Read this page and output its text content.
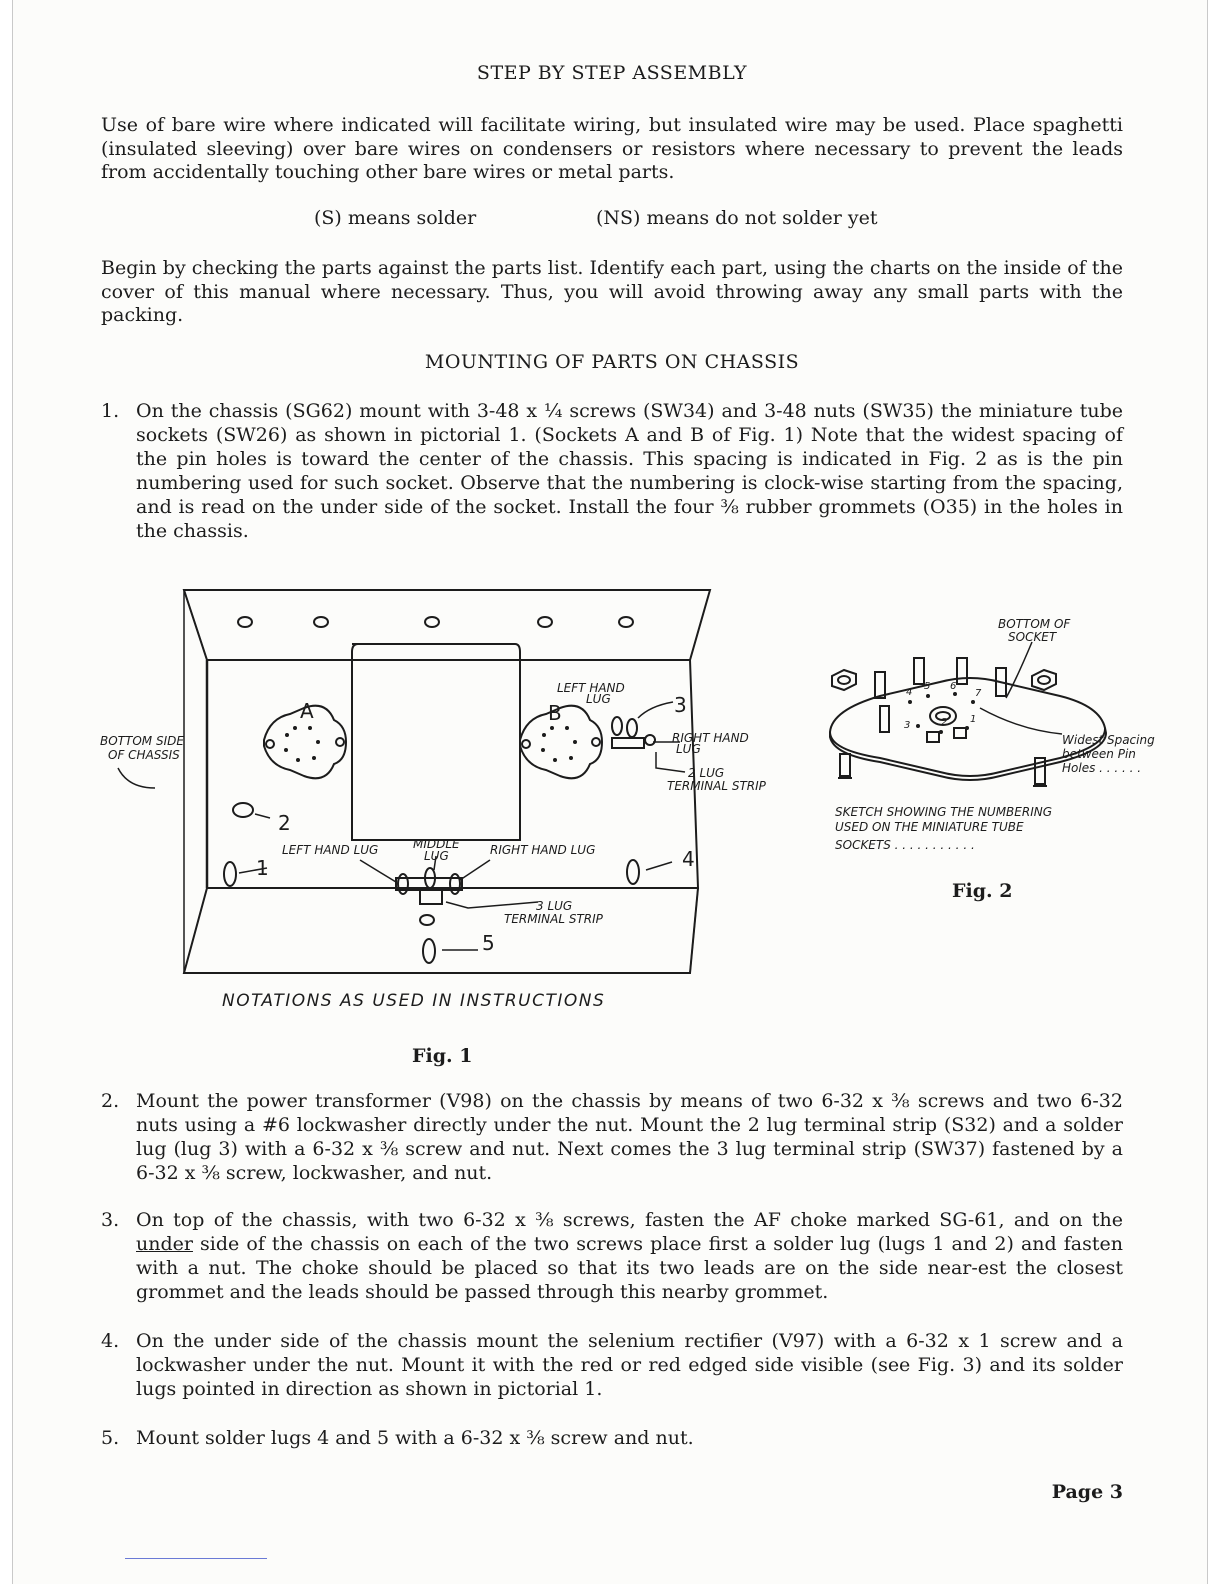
STEP BY STEP ASSEMBLY

Use of bare wire where indicated will facilitate wiring, but insulated wire may be used. Place spaghetti (insulated sleeving) over bare wires on condensers or resistors where necessary to prevent the leads from accidentally touching other bare wires or metal parts.

(S) means solder	(NS) means do not solder yet

Begin by checking the parts against the parts list. Identify each part, using the charts on the inside of the cover of this manual where necessary. Thus, you will avoid throwing away any small parts with the packing.

MOUNTING OF PARTS ON CHASSIS
1. On the chassis (SG62) mount with 3-48 x ¼ screws (SW34) and 3-48 nuts (SW35) the miniature tube sockets (SW26) as shown in pictorial 1. (Sockets A and B of Fig. 1) Note that the widest spacing of the pin holes is toward the center of the chassis. This spacing is indicated in Fig. 2 as is the pin numbering used for such socket. Observe that the numbering is clock-wise starting from the spacing, and is read on the under side of the socket. Install the four ⅜ rubber grommets (O35) in the holes in the chassis.

BOTTOM SIDE
OF CHASSIS
A	B
LEFT HAND
LUG	3
RIGHT HAND
LUG
2 LUG
TERMINAL STRIP
2
1	4
LEFT HAND LUG	MIDDLE
LUG	RIGHT HAND LUG
3 LUG
TERMINAL STRIP
5
NOTATIONS AS USED IN INSTRUCTIONS
Fig. 1
4
5 6
7
3	2 1
BOTTOM OF
SOCKET
Widest Spacing
between Pin
Holes . . . . . .
SKETCH SHOWING THE NUMBERING
USED ON THE MINIATURE TUBE
SOCKETS . . . . . . . . . . .
Fig. 2
2. Mount the power transformer (V98) on the chassis by means of two 6-32 x ⅜ screws and two 6-32 nuts using a #6 lockwasher directly under the nut. Mount the 2 lug terminal strip (S32) and a solder lug (lug 3) with a 6-32 x ⅜ screw and nut. Next comes the 3 lug terminal strip (SW37) fastened by a 6-32 x ⅜ screw, lockwasher, and nut.

3. On top of the chassis, with two 6-32 x ⅜ screws, fasten the AF choke marked SG-61, and on the under side of the chassis on each of the two screws place first a solder lug (lugs 1 and 2) and fasten with a nut. The choke should be placed so that its two leads are on the side near-est the closest grommet and the leads should be passed through this nearby grommet.

4. On the under side of the chassis mount the selenium rectifier (V97) with a 6-32 x 1 screw and a lockwasher under the nut. Mount it with the red or red edged side visible (see Fig. 3) and its solder lugs pointed in direction as shown in pictorial 1.

5. Mount solder lugs 4 and 5 with a 6-32 x ⅜ screw and nut.

Page 3
